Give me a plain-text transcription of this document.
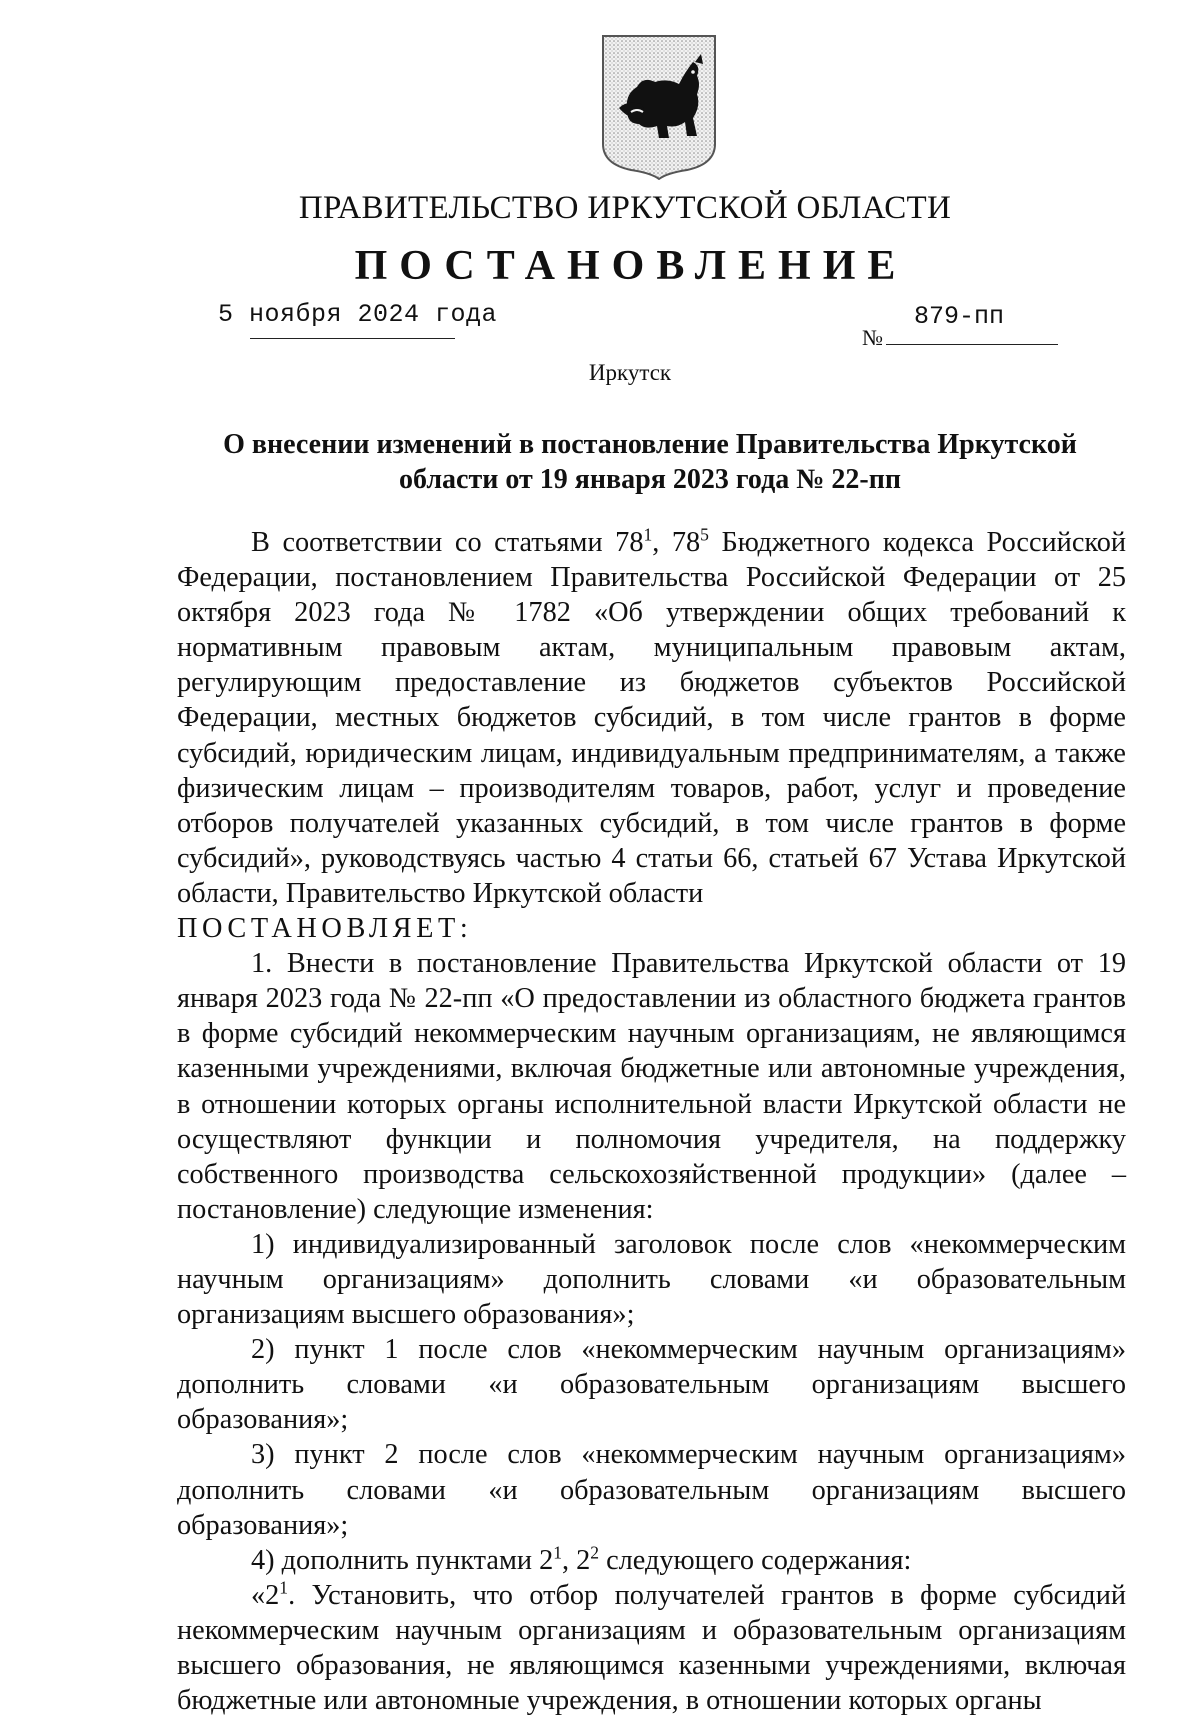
ПРАВИТЕЛЬСТВО ИРКУТСКОЙ ОБЛАСТИ
ПОСТАНОВЛЕНИЕ
5 ноября 2024 года
№
879-пп
Иркутск
О внесении изменений в постановление Правительства Иркутской
области от 19 января 2023 года № 22-пп

В соответствии со статьями $78^1$, $78^5$ Бюджетного кодекса Российской Федерации, постановлением Правительства Российской Федерации от 25 октября 2023 года № 1782 «Об утверждении общих требований к нормативным правовым актам, муниципальным правовым актам, регулирующим предоставление из бюджетов субъектов Российской Федерации, местных бюджетов субсидий, в том числе грантов в форме субсидий, юридическим лицам, индивидуальным предпринимателям, а также физическим лицам – производителям товаров, работ, услуг и проведение отборов получателей указанных субсидий, в том числе грантов в форме субсидий», руководствуясь частью 4 статьи 66, статьей 67 Устава Иркутской области, Правительство Иркутской области

ПОСТАНОВЛЯЕТ:

1. Внести в постановление Правительства Иркутской области от 19 января 2023 года № 22-пп «О предоставлении из областного бюджета грантов в форме субсидий некоммерческим научным организациям, не являющимся казенными учреждениями, включая бюджетные или автономные учреждения, в отношении которых органы исполнительной власти Иркутской области не осуществляют функции и полномочия учредителя, на поддержку собственного производства сельскохозяйственной продукции» (далее – постановление) следующие изменения:

1) индивидуализированный заголовок после слов «некоммерческим научным организациям» дополнить словами «и образовательным организациям высшего образования»;

2) пункт 1 после слов «некоммерческим научным организациям» дополнить словами «и образовательным организациям высшего образования»;

3) пункт 2 после слов «некоммерческим научным организациям» дополнить словами «и образовательным организациям высшего образования»;

4) дополнить пунктами $2^1$, $2^2$ следующего содержания:

«$2^1$. Установить, что отбор получателей грантов в форме субсидий некоммерческим научным организациям и образовательным организациям высшего образования, не являющимся казенными учреждениями, включая бюджетные или автономные учреждения, в отношении которых органы
